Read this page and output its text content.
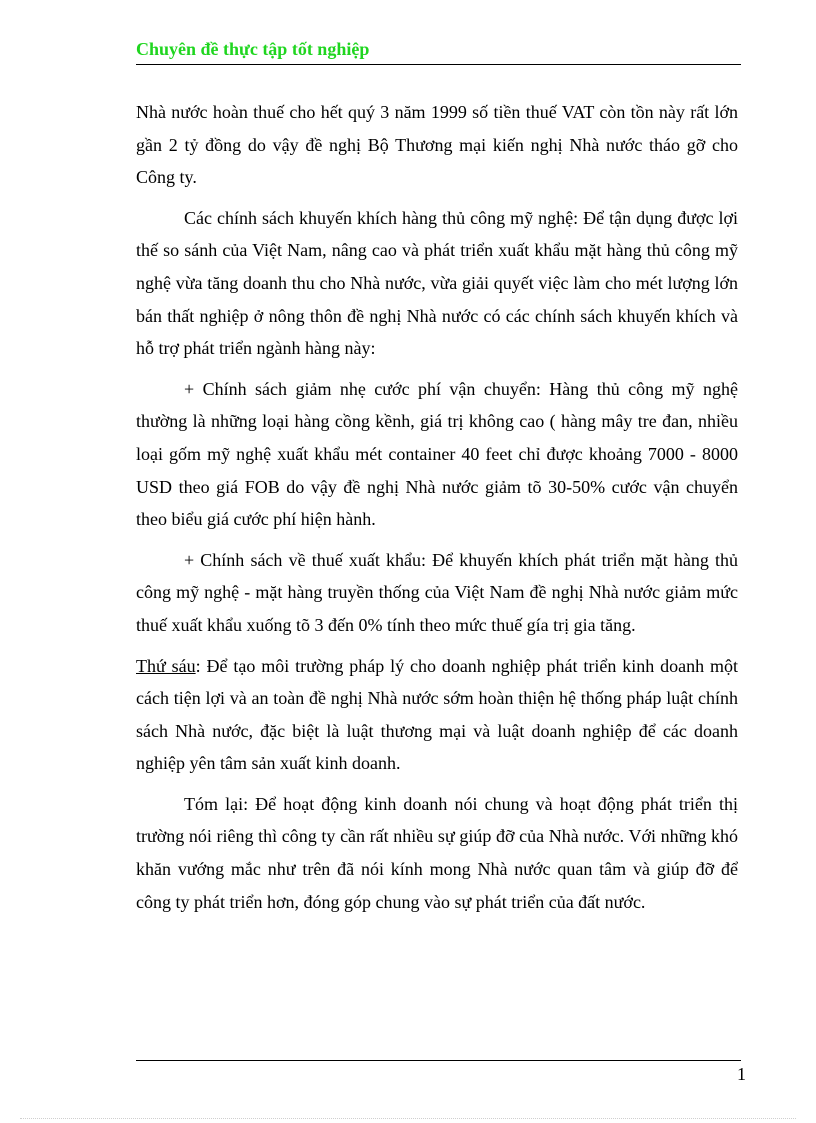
Chuyên đề thực tập tốt nghiệp

Nhà nước hoàn thuế cho hết quý 3 năm 1999 số tiền thuế VAT còn tồn này rất lớn gần 2 tỷ đồng do vậy đề nghị Bộ Thương mại kiến nghị Nhà nước tháo gỡ cho Công ty.

Các chính sách khuyến khích hàng thủ công mỹ nghệ: Để tận dụng được lợi thế so sánh của Việt Nam, nâng cao và phát triển xuất khẩu mặt hàng thủ công mỹ nghệ vừa tăng doanh thu cho Nhà nước, vừa giải quyết việc làm cho mét lượng lớn bán thất nghiệp ở nông thôn đề nghị Nhà nước có các chính sách khuyến khích và hỗ trợ phát triển ngành hàng này:

+ Chính sách giảm nhẹ cước phí vận chuyển: Hàng thủ công mỹ nghệ thường là những loại hàng cồng kềnh, giá trị không cao ( hàng mây tre đan, nhiều loại gốm mỹ nghệ xuất khẩu mét container 40 feet chỉ được khoảng 7000 - 8000 USD theo giá FOB do vậy đề nghị Nhà nước giảm tõ 30-50% cước vận chuyển theo biểu giá cước phí hiện hành.

+ Chính sách về thuế xuất khẩu: Để khuyến khích phát triển mặt hàng thủ công mỹ nghệ - mặt hàng truyền thống của Việt Nam đề nghị Nhà nước giảm mức thuế xuất khẩu xuống tõ 3 đến 0% tính theo mức thuế gía trị gia tăng.

Thứ sáu: Để tạo môi trường pháp lý cho doanh nghiệp phát triển kinh doanh một cách tiện lợi và an toàn đề nghị Nhà nước sớm hoàn thiện hệ thống pháp luật chính sách Nhà nước, đặc biệt là luật thương mại và luật doanh nghiệp để các doanh nghiệp yên tâm sản xuất kinh doanh.

Tóm lại: Để hoạt động kinh doanh nói chung và hoạt động phát triển thị trường nói riêng thì công ty cần rất nhiều sự giúp đỡ của Nhà nước. Với những khó khăn vướng mắc như trên đã nói kính mong Nhà nước quan tâm và giúp đỡ để công ty phát triển hơn, đóng góp chung vào sự phát triển của đất nước.

1
